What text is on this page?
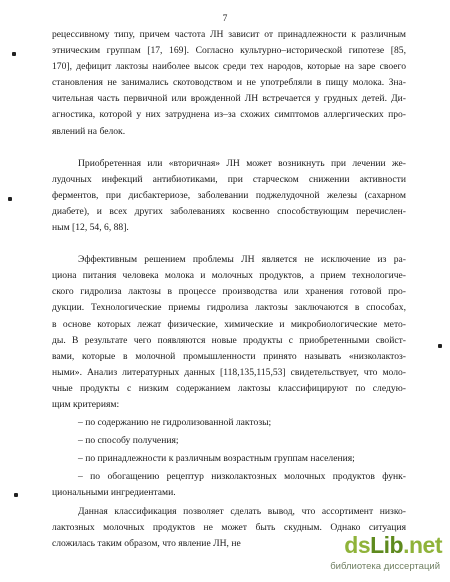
7

рецессивному типу, причем частота ЛН зависит от принадлежности к различным

этническим группам [17, 169]. Согласно культурно–исторической гипотезе [85,

170], дефицит лактозы наиболее высок среди тех народов, которые на заре своего

становления не занимались скотоводством и не употребляли в пищу молока. Зна-

чительная часть первичной или врожденной ЛН встречается у грудных детей. Ди-

агностика, которой у них затруднена из–за схожих симптомов аллергических про-

явлений на белок.

Приобретенная или «вторичная» ЛН может возникнуть при лечении же-

лудочных инфекций антибиотиками, при старческом снижении активности

ферментов, при дисбактериозе, заболевании поджелудочной железы (сахарном

диабете), и всех других заболеваниях косвенно способствующим перечислен-

ным [12, 54, 6, 88].

Эффективным решением проблемы ЛН является не исключение из ра-

циона питания человека молока и молочных продуктов, а прием технологиче-

ского гидролиза лактозы в процессе производства или хранения готовой про-

дукции. Технологические приемы гидролиза лактозы заключаются в способах,

в основе которых лежат физические, химические и микробиологические мето-

ды. В результате чего появляются новые продукты с приобретенными свойст-

вами, которые в молочной промышленности принято называть «низколактоз-

ными». Анализ литературных данных [118,135,115,53] свидетельствует, что моло-

чные продукты с низким содержанием лактозы классифицируют по следую-

щим критериям:

– по содержанию не гидролизованной лактозы;

– по способу получения;

– по принадлежности к различным возрастным группам населения;

– по обогащению рецептур низколактозных молочных продуктов функ-

циональными ингредиентами.

Данная классификация позволяет сделать вывод, что ассортимент низко-

лактозных молочных продуктов не может быть скудным. Однако ситуация

сложилась таким образом, что явление ЛН, не	dsLib.net
библиотека диссертаций
